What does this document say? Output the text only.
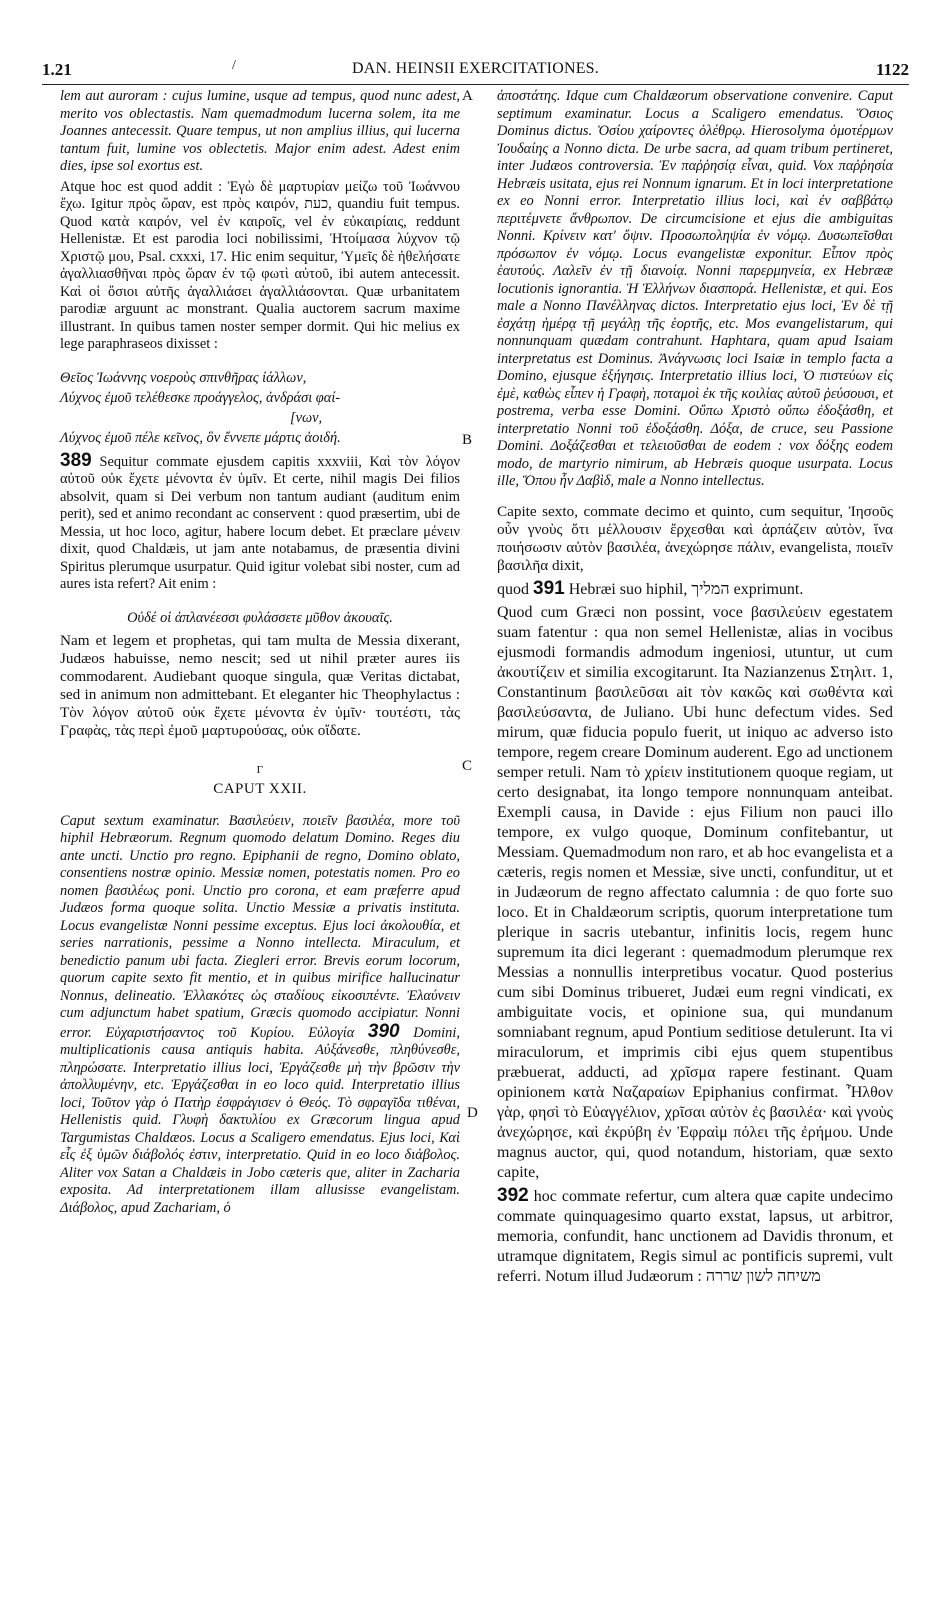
1.21	/	DAN. HEINSII EXERCITATIONES.	1122
A
B
C
D

lem aut auroram : cujus lumine, usque ad tempus, quod nunc adest, merito vos oblectastis. Nam quemadmodum lucerna solem, ita me Joannes antecessit. Quare tempus, ut non amplius illius, qui lucerna tantum fuit, lumine vos oblectetis. Major enim adest. Adest enim dies, ipse sol exortus est.

Atque hoc est quod addit : Ἐγὼ δὲ μαρτυρίαν μείζω τοῦ Ἰωάννου ἔχω. Igitur πρὸς ὥραν, est πρὸς καιρόν, כעת, quandiu fuit tempus. Quod κατὰ καιρόν, vel ἐν καιροῖς, vel ἐν εὐκαιρίαις, reddunt Hellenistæ. Et est parodia loci nobilissimi, Ἡτοίμασα λύχνον τῷ Χριστῷ μου, Psal. cxxxi, 17. Hic enim sequitur, Ὑμεῖς δὲ ἠθελήσατε ἀγαλλιασθῆναι πρὸς ὥραν ἐν τῷ φωτὶ αὐτοῦ, ibi autem antecessit. Καὶ οἱ ὅσιοι αὐτῆς ἀγαλλιάσει ἀγαλλιάσονται. Quæ urbanitatem parodiæ arguunt ac monstrant. Qualia auctorem sacrum maxime illustrant. In quibus tamen noster semper dormit. Qui hic melius ex lege paraphraseos dixisset :

Θεῖος Ἰωάννης νοεροὺς σπινθῆρας ἰάλλων,
Λύχνος ἐμοῦ τελέθεσκε προάγγελος, ἀνδράσι φαί-
[νων,
Λύχνος ἐμοῦ πέλε κεῖνος, ὃν ἔννεπε μάρτις ἀοιδή.

389 Sequitur commate ejusdem capitis xxxviii, Καὶ τὸν λόγον αὐτοῦ οὐκ ἔχετε μένοντα ἐν ὑμῖν. Et certe, nihil magis Dei filios absolvit, quam si Dei verbum non tantum audiant (auditum enim perit), sed et animo recondant ac conservent : quod præsertim, ubi de Messia, ut hoc loco, agitur, habere locum debet. Et præclare μένειν dixit, quod Chaldæis, ut jam ante notabamus, de præsentia divini Spiritus plerumque usurpatur. Quid igitur volebat sibi noster, cum ad aures ista refert? Ait enim :

Οὐδέ οἱ ἀπλανέεσσι φυλάσσετε μῦθον ἀκουαῖς.

Nam et legem et prophetas, qui tam multa de Messia dixerant, Judæos habuisse, nemo nescit; sed ut nihil præter aures iis commodarent. Audiebant quoque singula, quæ Veritas dictabat, sed in animum non admittebant. Et eleganter hic Theophylactus : Τὸν λόγον αὐτοῦ οὐκ ἔχετε μένοντα ἐν ὑμῖν· τουτέστι, τὰς Γραφὰς, τὰς περὶ ἐμοῦ μαρτυρούσας, οὐκ οἴδατε.

Γ
CAPUT XXII.

Caput sextum examinatur. Βασιλεύειν, ποιεῖν βασιλέα, more τοῦ hiphil Hebræorum. Regnum quomodo delatum Domino. Reges diu ante uncti. Unctio pro regno. Epiphanii de regno, Domino oblato, consentiens nostræ opinio. Messiæ nomen, potestatis nomen. Pro eo nomen βασιλέως poni. Unctio pro corona, et eam præferre apud Judæos forma quoque solita. Unctio Messiæ a privatis instituta. Locus evangelistæ Nonni pessime exceptus. Ejus loci ἀκολουθία, et series narrationis, pessime a Nonno intellecta. Miraculum, et benedictio panum ubi facta. Ziegleri error. Brevis eorum locorum, quorum capite sexto fit mentio, et in quibus mirifice hallucinatur Nonnus, delineatio. Ἐλλακότες ὡς σταδίους εἰκοσιπέντε. Ἐλαύνειν cum adjunctum habet spatium, Græcis quomodo accipiatur. Nonni error. Εὐχαριστήσαντος τοῦ Κυρίου. Εὐλογία 390 Domini, multiplicationis causa antiquis habita. Αὐξάνεσθε, πληθύνεσθε, πληρώσατε. Interpretatio illius loci, Ἐργάζεσθε μὴ τὴν βρῶσιν τὴν ἀπολλυμένην, etc. Ἐργάζεσθαι in eo loco quid. Interpretatio illius loci, Τοῦτον γὰρ ὁ Πατὴρ ἐσφράγισεν ὁ Θεός. Τὸ σφραγῖδα τιθέναι, Hellenistis quid. Γλυφὴ δακτυλίου ex Græcorum lingua apud Targumistas Chaldæos. Locus a Scaligero emendatus. Ejus loci, Καὶ εἷς ἐξ ὑμῶν διάβολός ἐστιν, interpretatio. Quid in eo loco διάβολος. Aliter vox Satan a Chaldæis in Jobo cæteris que, aliter in Zacharia exposita. Ad interpretationem illam allusisse evangelistam. Διάβολος, apud Zachariam, ὁ

ἀποστάτης. Idque cum Chaldæorum observatione convenire. Caput septimum examinatur. Locus a Scaligero emendatus. Ὅσιος Dominus dictus. Ὁσίου χαίροντες ὀλέθρῳ. Hierosolyma ὁμοτέρμων Ἰουδαίης a Nonno dicta. De urbe sacra, ad quam tribum pertineret, inter Judæos controversia. Ἐν παῤῥησίᾳ εἶναι, quid. Vox παῤῥησία Hebræis usitata, ejus rei Nonnum ignarum. Et in loci interpretatione ex eo Nonni error. Interpretatio illius loci, καὶ ἐν σαββάτῳ περιτέμνετε ἄνθρωπον. De circumcisione et ejus die ambiguitas Nonni. Κρίνειν κατ' ὄψιν. Προσωποληψία ἐν νόμῳ. Δυσωπεῖσθαι πρόσωπον ἐν νόμῳ. Locus evangelistæ exponitur. Εἶπον πρὸς ἑαυτούς. Λαλεῖν ἐν τῇ διανοίᾳ. Nonni παρερμηνεία, ex Hebrææ locutionis ignorantia. Ἡ Ἑλλήνων διασπορά. Hellenistæ, et qui. Eos male a Nonno Πανέλληνας dictos. Interpretatio ejus loci, Ἐν δὲ τῇ ἐσχάτῃ ἡμέρᾳ τῇ μεγάλῃ τῆς ἑορτῆς, etc. Mos evangelistarum, qui nonnunquam quædam contrahunt. Haphtara, quam apud Isaiam interpretatus est Dominus. Ἀνάγνωσις loci Isaiæ in templo facta a Domino, ejusque ἐξήγησις. Interpretatio illius loci, Ὁ πιστεύων εἰς ἐμὲ, καθὼς εἶπεν ἡ Γραφὴ, ποταμοὶ ἐκ τῆς κοιλίας αὐτοῦ ῥεύσουσι, et postrema, verba esse Domini. Οὔπω Χριστὸ οὔπω ἐδοξάσθη, et interpretatio Nonni τοῦ ἐδοξάσθη. Δόξα, de cruce, seu Passione Domini. Δοξάζεσθαι et τελειοῦσθαι de eodem : vox δόξης eodem modo, de martyrio nimirum, ab Hebræis quoque usurpata. Locus ille, Ὅπου ἦν Δαβὶδ, male a Nonno intellectus.

Capite sexto, commate decimo et quinto, cum sequitur, Ἰησοῦς οὖν γνοὺς ὅτι μέλλουσιν ἔρχεσθαι καὶ ἁρπάζειν αὐτὸν, ἵνα ποιήσωσιν αὐτὸν βασιλέα, ἀνεχώρησε πάλιν, evangelista, ποιεῖν βασιλῆα dixit,

quod 391 Hebræi suo hiphil, המליך exprimunt.

Quod cum Græci non possint, voce βασιλεύειν egestatem suam fatentur : qua non semel Hellenistæ, alias in vocibus ejusmodi formandis admodum ingeniosi, utuntur, ut cum ἀκουτίζειν et similia excogitarunt. Ita Nazianzenus Στηλιτ. 1, Constantinum βασιλεῦσαι ait τὸν κακῶς καὶ σωθέντα καὶ βασιλεύσαντα, de Juliano. Ubi hunc defectum vides. Sed mirum, quæ fiducia populo fuerit, ut iniquo ac adverso isto tempore, regem creare Dominum auderent. Ego ad unctionem semper retuli. Nam τὸ χρίειν institutionem quoque regiam, ut certo designabat, ita longo tempore nonnunquam anteibat. Exempli causa, in Davide : ejus Filium non pauci illo tempore, ex vulgo quoque, Dominum confitebantur, ut Messiam. Quemadmodum non raro, et ab hoc evangelista et a cæteris, regis nomen et Messiæ, sive uncti, confunditur, ut et in Judæorum de regno affectato calumnia : de quo forte suo loco. Et in Chaldæorum scriptis, quorum interpretatione tum plerique in sacris utebantur, infinitis locis, regem hunc supremum ita dici legerant : quemadmodum plerumque rex Messias a nonnullis interpretibus vocatur. Quod posterius cum sibi Dominus tribueret, Judæi eum regni vindicati, ex ambiguitate vocis, et opinione sua, qui mundanum somniabant regnum, apud Pontium seditiose detulerunt. Ita vi miraculorum, et imprimis cibi ejus quem stupentibus præbuerat, adducti, ad χρῖσμα rapere festinant. Quam opinionem κατὰ Ναζαραίων Epiphanius confirmat. Ἦλθον γὰρ, φησὶ τὸ Εὐαγγέλιον, χρῖσαι αὐτὸν ἐς βασιλέα· καὶ γνοὺς ἀνεχώρησε, καὶ ἐκρύβη ἐν Ἐφραὶμ πόλει τῆς ἐρήμου. Unde magnus auctor, qui, quod notandum, historiam, quæ sexto capite,

392 hoc commate refertur, cum altera quæ capite undecimo commate quinquagesimo quarto exstat, lapsus, ut arbitror, memoria, confundit, hanc unctionem ad Davidis thronum, et utramque dignitatem, Regis simul ac pontificis supremi, vult referri. Notum illud Judæorum : משיחה לשון שררה
